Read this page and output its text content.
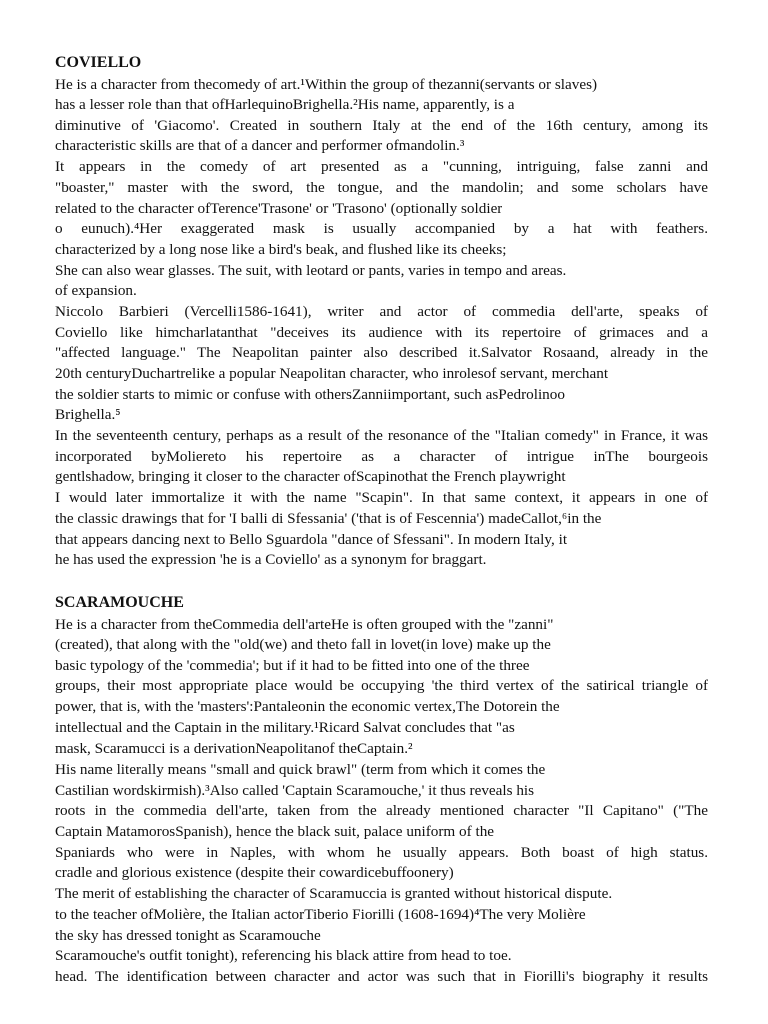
COVIELLO
He is a character from thecomedy of art.¹Within the group of thezanni(servants or slaves)
has a lesser role than that ofHarlequinoBrighella.²His name, apparently, is a
diminutive of 'Giacomo'. Created in southern Italy at the end of the 16th century, among its
characteristic skills are that of a dancer and performer ofmandolin.³
It appears in the comedy of art presented as a "cunning, intriguing, false zanni and
"boaster," master with the sword, the tongue, and the mandolin; and some scholars have
related to the character ofTerence'Trasone' or 'Trasono' (optionally soldier
o eunuch).⁴Her exaggerated mask is usually accompanied by a hat with feathers.
characterized by a long nose like a bird's beak, and flushed like its cheeks;
She can also wear glasses. The suit, with leotard or pants, varies in tempo and areas.
of expansion.
Niccolo Barbieri (Vercelli1586-1641), writer and actor of commedia dell'arte, speaks of
Coviello like himcharlatanthat "deceives its audience with its repertoire of grimaces and a
"affected language." The Neapolitan painter also described it.Salvator Rosaand, already in the
20th centuryDuchartrelike a popular Neapolitan character, who inrolesof servant, merchant
the soldier starts to mimic or confuse with othersZanniimportant, such asPedrolinoo
Brighella.⁵
In the seventeenth century, perhaps as a result of the resonance of the "Italian comedy" in France, it was
incorporated byMoliereto his repertoire as a character of intrigue inThe bourgeois
gentlshadow, bringing it closer to the character ofScapinothat the French playwright
I would later immortalize it with the name "Scapin". In that same context, it appears in one of
the classic drawings that for 'I balli di Sfessania' ('that is of Fescennia') madeCallot,⁶in the
that appears dancing next to Bello Sguardola "dance of Sfessani". In modern Italy, it
he has used the expression 'he is a Coviello' as a synonym for braggart.
SCARAMOUCHE
He is a character from theCommedia dell'arteHe is often grouped with the "zanni"
(created), that along with the "old(we) and theto fall in lovet(in love) make up the
basic typology of the 'commedia'; but if it had to be fitted into one of the three
groups, their most appropriate place would be occupying 'the third vertex of the satirical triangle of
power, that is, with the 'masters':Pantaleonin the economic vertex,The Dotorein the
intellectual and the Captain in the military.¹Ricard Salvat concludes that "as
mask, Scaramucci is a derivationNeapolitanof theCaptain.²
His name literally means "small and quick brawl" (term from which it comes the
Castilian wordskirmish).³Also called 'Captain Scaramouche,' it thus reveals his
roots in the commedia dell'arte, taken from the already mentioned character "Il Capitano" ("The
Captain MatamorosSpanish), hence the black suit, palace uniform of the
Spaniards who were in Naples, with whom he usually appears. Both boast of high status.
cradle and glorious existence (despite their cowardicebuffoonery)
The merit of establishing the character of Scaramuccia is granted without historical dispute.
to the teacher ofMolière, the Italian actorTiberio Fiorilli (1608-1694)⁴The very Molière
the sky has dressed tonight as Scaramouche
Scaramouche's outfit tonight), referencing his black attire from head to toe.
head. The identification between character and actor was such that in Fiorilli's biography it results
